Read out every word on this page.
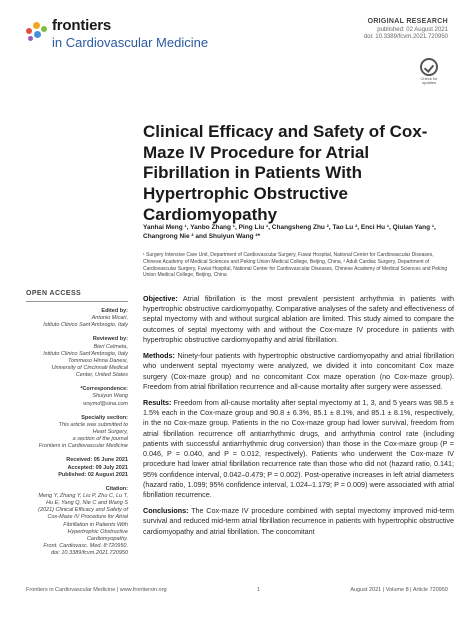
frontiers
in Cardiovascular Medicine
ORIGINAL RESEARCH
published: 02 August 2021
doi: 10.3389/fcvm.2021.720950
Check for updates
Clinical Efficacy and Safety of Cox-Maze IV Procedure for Atrial Fibrillation in Patients With Hypertrophic Obstructive Cardiomyopathy
Yanhai Meng ¹, Yanbo Zhang ¹, Ping Liu ¹, Changsheng Zhu ², Tao Lu ², Enci Hu ¹, Qiulan Yang ¹, Changrong Nie ² and Shuiyun Wang ²*
¹ Surgery Intensive Care Unit, Department of Cardiovascular Surgery, Fuwai Hospital, National Center for Cardiovascular Diseases, Chinese Academy of Medical Sciences and Peking Union Medical College, Beijing, China, ² Adult Cardiac Surgery, Department of Cardiovascular Surgery, Fuwai Hospital, National Center for Cardiovascular Diseases, Chinese Academy of Medical Sciences and Peking Union Medical College, Beijing, China
OPEN ACCESS
Edited by:
Antonio Micari,
Istituto Clinico Sant'Ambrogio, Italy
Reviewed by:
Bieri Celmeta,
Istituto Clinico Sant'Ambrogio, Italy
Tommaso Hinna Danesi,
University of Cincinnati Medical
Center, United States
*Correspondence:
Shuiyun Wang
wsymd@sina.com
Specialty section:
This article was submitted to
Heart Surgery,
a section of the journal
Frontiers in Cardiovascular Medicine
Received: 05 June 2021
Accepted: 09 July 2021
Published: 02 August 2021
Citation:
Meng Y, Zhang Y, Liu P, Zhu C, Lu T,
Hu E, Yang Q, Nie C and Wang S
(2021) Clinical Efficacy and Safety of
Cox-Maze IV Procedure for Atrial
Fibrillation in Patients With
Hypertrophic Obstructive
Cardiomyopathy.
Front. Cardiovasc. Med. 8:720950.
doi: 10.3389/fcvm.2021.720950

Objective: Atrial fibrillation is the most prevalent persistent arrhythmia in patients with hypertrophic obstructive cardiomyopathy. Comparative analyses of the safety and effectiveness of septal myectomy with and without surgical ablation are limited. This study aimed to compare the outcomes of septal myectomy with and without the Cox-maze IV procedure in patients with hypertrophic obstructive cardiomyopathy and atrial fibrillation.

Methods: Ninety-four patients with hypertrophic obstructive cardiomyopathy and atrial fibrillation who underwent septal myectomy were analyzed, we divided it into concomitant Cox maze surgery (Cox-maze group) and no concomitant Cox maze operation (no Cox-maze group). Freedom from atrial fibrillation recurrence and all-cause mortality after surgery were assessed.

Results: Freedom from all-cause mortality after septal myectomy at 1, 3, and 5 years was 98.5 ± 1.5% each in the Cox-maze group and 90.8 ± 6.3%, 85.1 ± 8.1%, and 85.1 ± 8.1%, respectively, in the no Cox-maze group. Patients in the no Cox-maze group had lower survival, freedom from atrial fibrillation recurrence off antiarrhythmic drugs, and arrhythmia control rate (including patients with successful antiarrhythmic drug conversion) than those in the Cox-maze group (P = 0.046, P = 0.040, and P = 0.012, respectively). Patients who underwent the Cox-maze IV procedure had lower atrial fibrillation recurrence rate than those who did not (hazard ratio, 0.141; 95% confidence interval, 0.042–0.479; P = 0.002). Post-operative increases in left atrial diameters (hazard ratio, 1.099; 95% confidence interval, 1.024–1.179; P = 0.009) were associated with atrial fibrillation recurrence.

Conclusions: The Cox-maze IV procedure combined with septal myectomy improved mid-term survival and reduced mid-term atrial fibrillation recurrence in patients with hypertrophic obstructive cardiomyopathy and atrial fibrillation. The concomitant

Frontiers in Cardiovascular Medicine | www.frontiersin.org	1	August 2021 | Volume 8 | Article 720950
